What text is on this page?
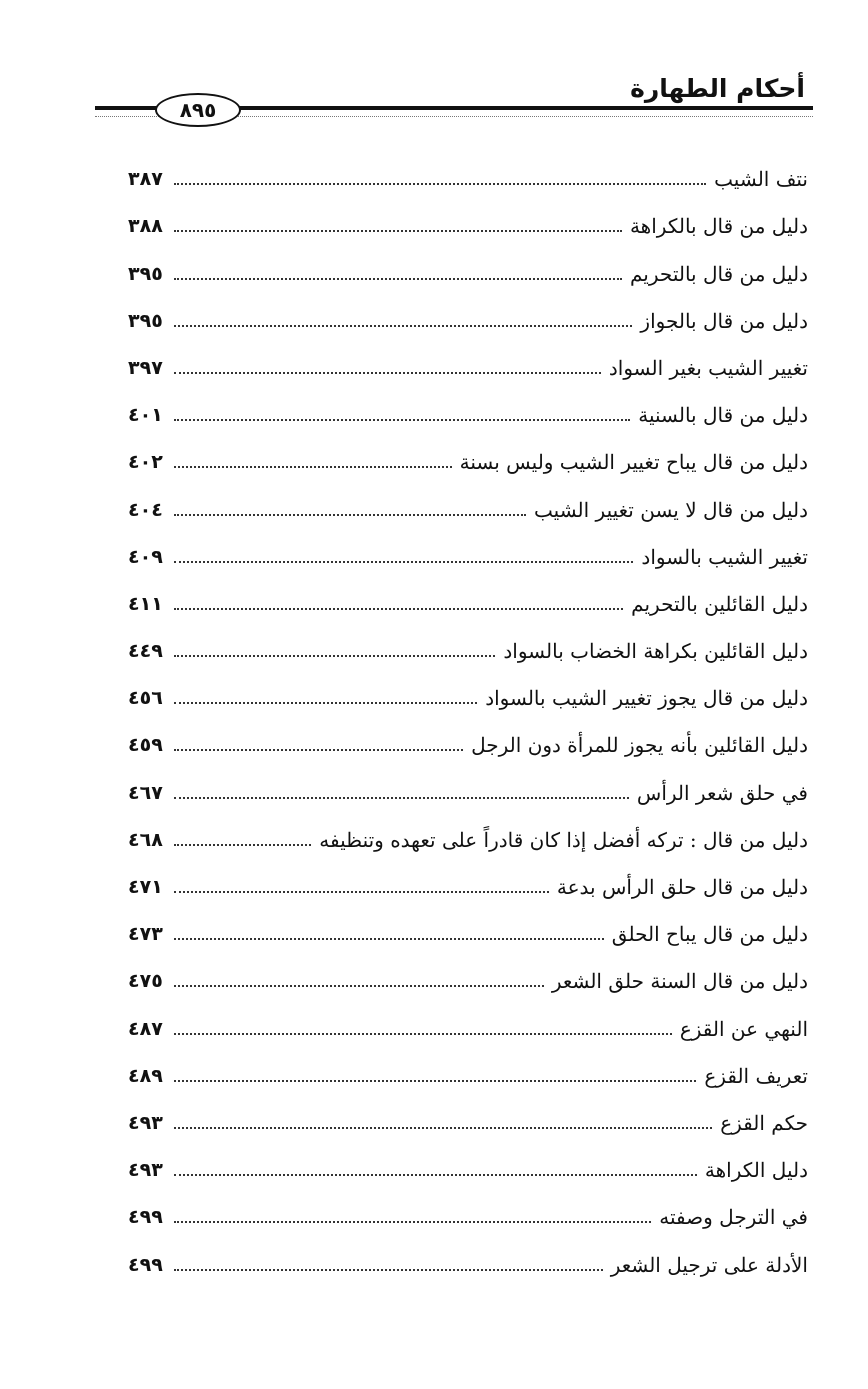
٨٩٥
أحكام الطهارة
نتف الشيب
٣٨٧
دليل من قال بالكراهة
٣٨٨
دليل من قال بالتحريم
٣٩٥
دليل من قال بالجواز
٣٩٥
تغيير الشيب بغير السواد
٣٩٧
دليل من قال بالسنية
٤٠١
دليل من قال يباح تغيير الشيب وليس بسنة
٤٠٢
دليل من قال لا يسن تغيير الشيب
٤٠٤
تغيير الشيب بالسواد
٤٠٩
دليل القائلين بالتحريم
٤١١
دليل القائلين بكراهة الخضاب بالسواد
٤٤٩
دليل من قال يجوز تغيير الشيب بالسواد
٤٥٦
دليل القائلين بأنه يجوز للمرأة دون الرجل
٤٥٩
في حلق شعر الرأس
٤٦٧
دليل من قال : تركه أفضل إذا كان قادراً على تعهده وتنظيفه
٤٦٨
دليل من قال حلق الرأس بدعة
٤٧١
دليل من قال يباح الحلق
٤٧٣
دليل من قال السنة حلق الشعر
٤٧٥
النهي عن القزع
٤٨٧
تعريف القزع
٤٨٩
حكم القزع
٤٩٣
دليل الكراهة
٤٩٣
في الترجل وصفته
٤٩٩
الأدلة على ترجيل الشعر
٤٩٩
